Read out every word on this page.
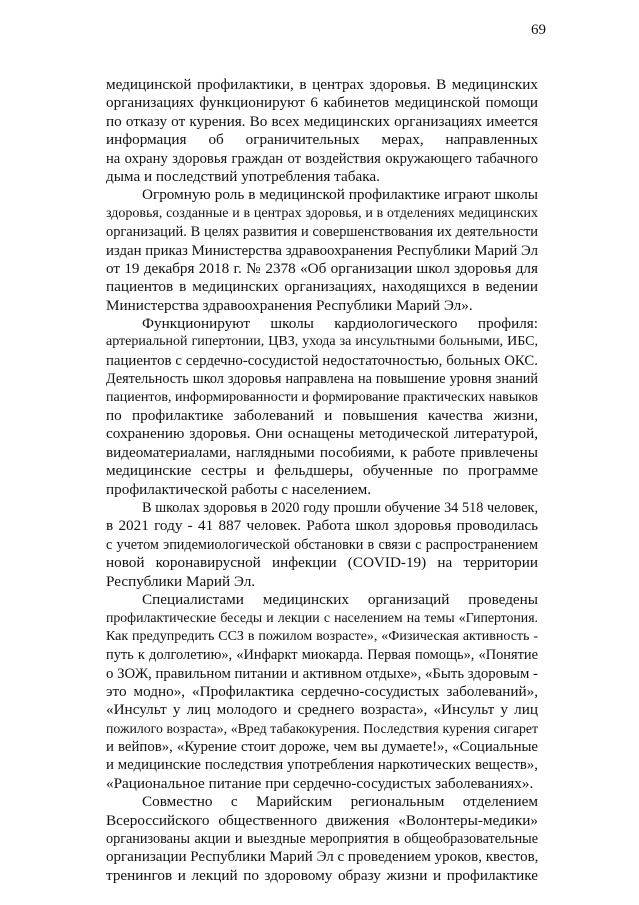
69
медицинской профилактики, в центрах здоровья. В медицинских
организациях функционируют 6 кабинетов медицинской помощи
по отказу от курения. Во всех медицинских организациях имеется
информация об ограничительных мерах, направленных
на охрану здоровья граждан от воздействия окружающего табачного
дыма и последствий употребления табака.
Огромную роль в медицинской профилактике играют школы
здоровья, созданные и в центрах здоровья, и в отделениях медицинских
организаций. В целях развития и совершенствования их деятельности
издан приказ Министерства здравоохранения Республики Марий Эл
от 19 декабря 2018 г. № 2378 «Об организации школ здоровья для
пациентов в медицинских организациях, находящихся в ведении
Министерства здравоохранения Республики Марий Эл».
Функционируют школы кардиологического профиля:
артериальной гипертонии, ЦВЗ, ухода за инсультными больными, ИБС,
пациентов с сердечно-сосудистой недостаточностью, больных ОКС.
Деятельность школ здоровья направлена на повышение уровня знаний
пациентов, информированности и формирование практических навыков
по профилактике заболеваний и повышения качества жизни,
сохранению здоровья. Они оснащены методической литературой,
видеоматериалами, наглядными пособиями, к работе привлечены
медицинские сестры и фельдшеры, обученные по программе
профилактической работы с населением.
В школах здоровья в 2020 году прошли обучение 34 518 человек,
в 2021 году - 41 887 человек. Работа школ здоровья проводилась
с учетом эпидемиологической обстановки в связи с распространением
новой коронавирусной инфекции (COVID-19) на территории
Республики Марий Эл.
Специалистами медицинских организаций проведены
профилактические беседы и лекции с населением на темы «Гипертония.
Как предупредить ССЗ в пожилом возрасте», «Физическая активность -
путь к долголетию», «Инфаркт миокарда. Первая помощь», «Понятие
о ЗОЖ, правильном питании и активном отдыхе», «Быть здоровым -
это модно», «Профилактика сердечно-сосудистых заболеваний»,
«Инсульт у лиц молодого и среднего возраста», «Инсульт у лиц
пожилого возраста», «Вред табакокурения. Последствия курения сигарет
и вейпов», «Курение стоит дороже, чем вы думаете!», «Социальные
и медицинские последствия употребления наркотических веществ»,
«Рациональное питание при сердечно-сосудистых заболеваниях».
Совместно с Марийским региональным отделением
Всероссийского общественного движения «Волонтеры-медики»
организованы акции и выездные мероприятия в общеобразовательные
организации Республики Марий Эл с проведением уроков, квестов,
тренингов и лекций по здоровому образу жизни и профилактике
